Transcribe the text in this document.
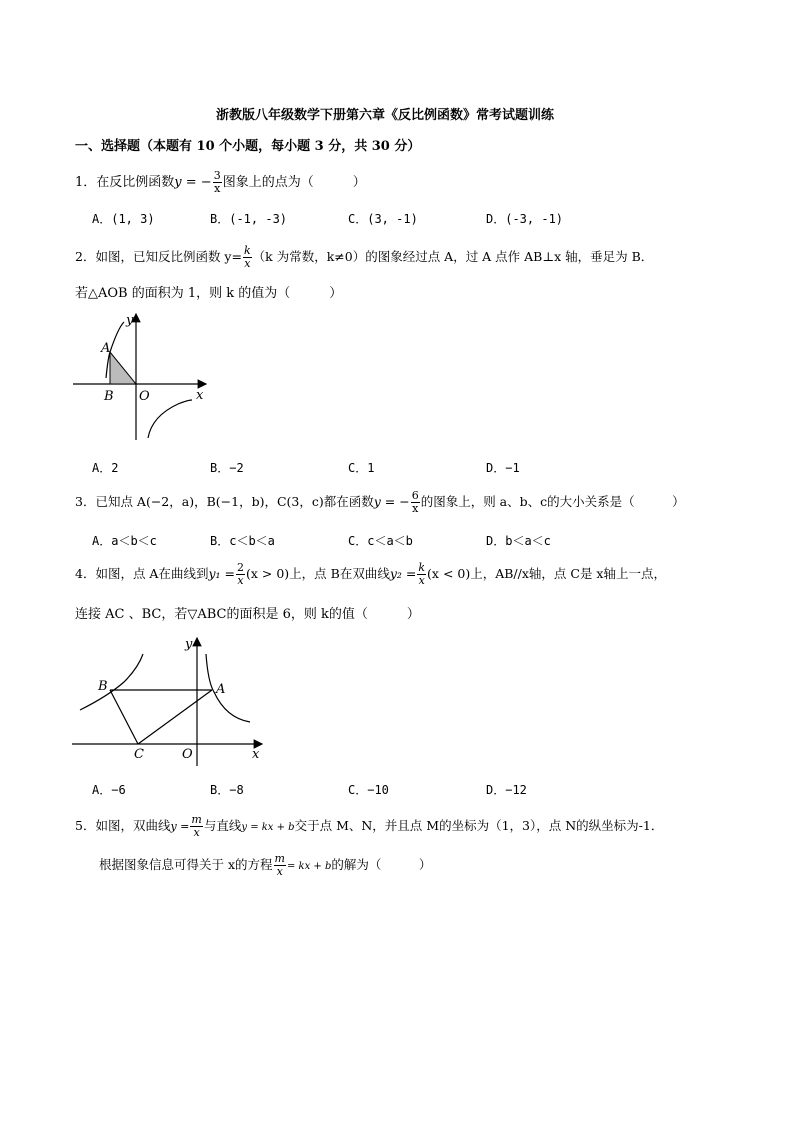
浙教版八年级数学下册第六章《反比例函数》常考试题训练
一、选择题（本题有 10 个小题，每小题 3 分，共 30 分）
1．在反比例函数y = − $\frac{3}{x}$ 图象上的点为（　　　）
A．(1, 3)	B．(-1, -3)	C．(3, -1)	D．(-3, -1)
2．如图，已知反比例函数 $y= \frac{k}{x} (k$ 为常数，k≠0）的图象经过点 A，过 A 点作 AB⊥x 轴，垂足为 B．
若△AOB 的面积为 1，则 k 的值为（　　　）
y
A
B O	x
A．2	B．−2	C．1	D．−1
3．已知点 A(−2，a)，B(−1，b)，C(3，c)都在函数y = − $\frac{6}{x}$ 的图象上，则 a、b、c的大小关系是（　　　）
A．a＜b＜c	B．c＜b＜a	C．c＜a＜b	D．b＜a＜c
4．如图，点 A在曲线到$y_1 = \frac{2}{x} (x > 0)$上，点 B在双曲线$y_2 = \frac{k}{x} (x < 0)$上，AB//x轴，点 C是 x轴上一点，
连接 AC 、BC，若▽ABC的面积是 6，则 k的值（　　　）
y
A
B
C	O	x
A．−6	B．−8	C．−10	D．−12
5．如图，双曲线$y = \frac{m}{x}$ 与直线y = kx + b交于点 M、N，并且点 M的坐标为（1，3），点 N的纵坐标为-1．
根据图象信息可得关于 x的方程 $\frac{m}{x}$ = kx + b的解为（　　　）
